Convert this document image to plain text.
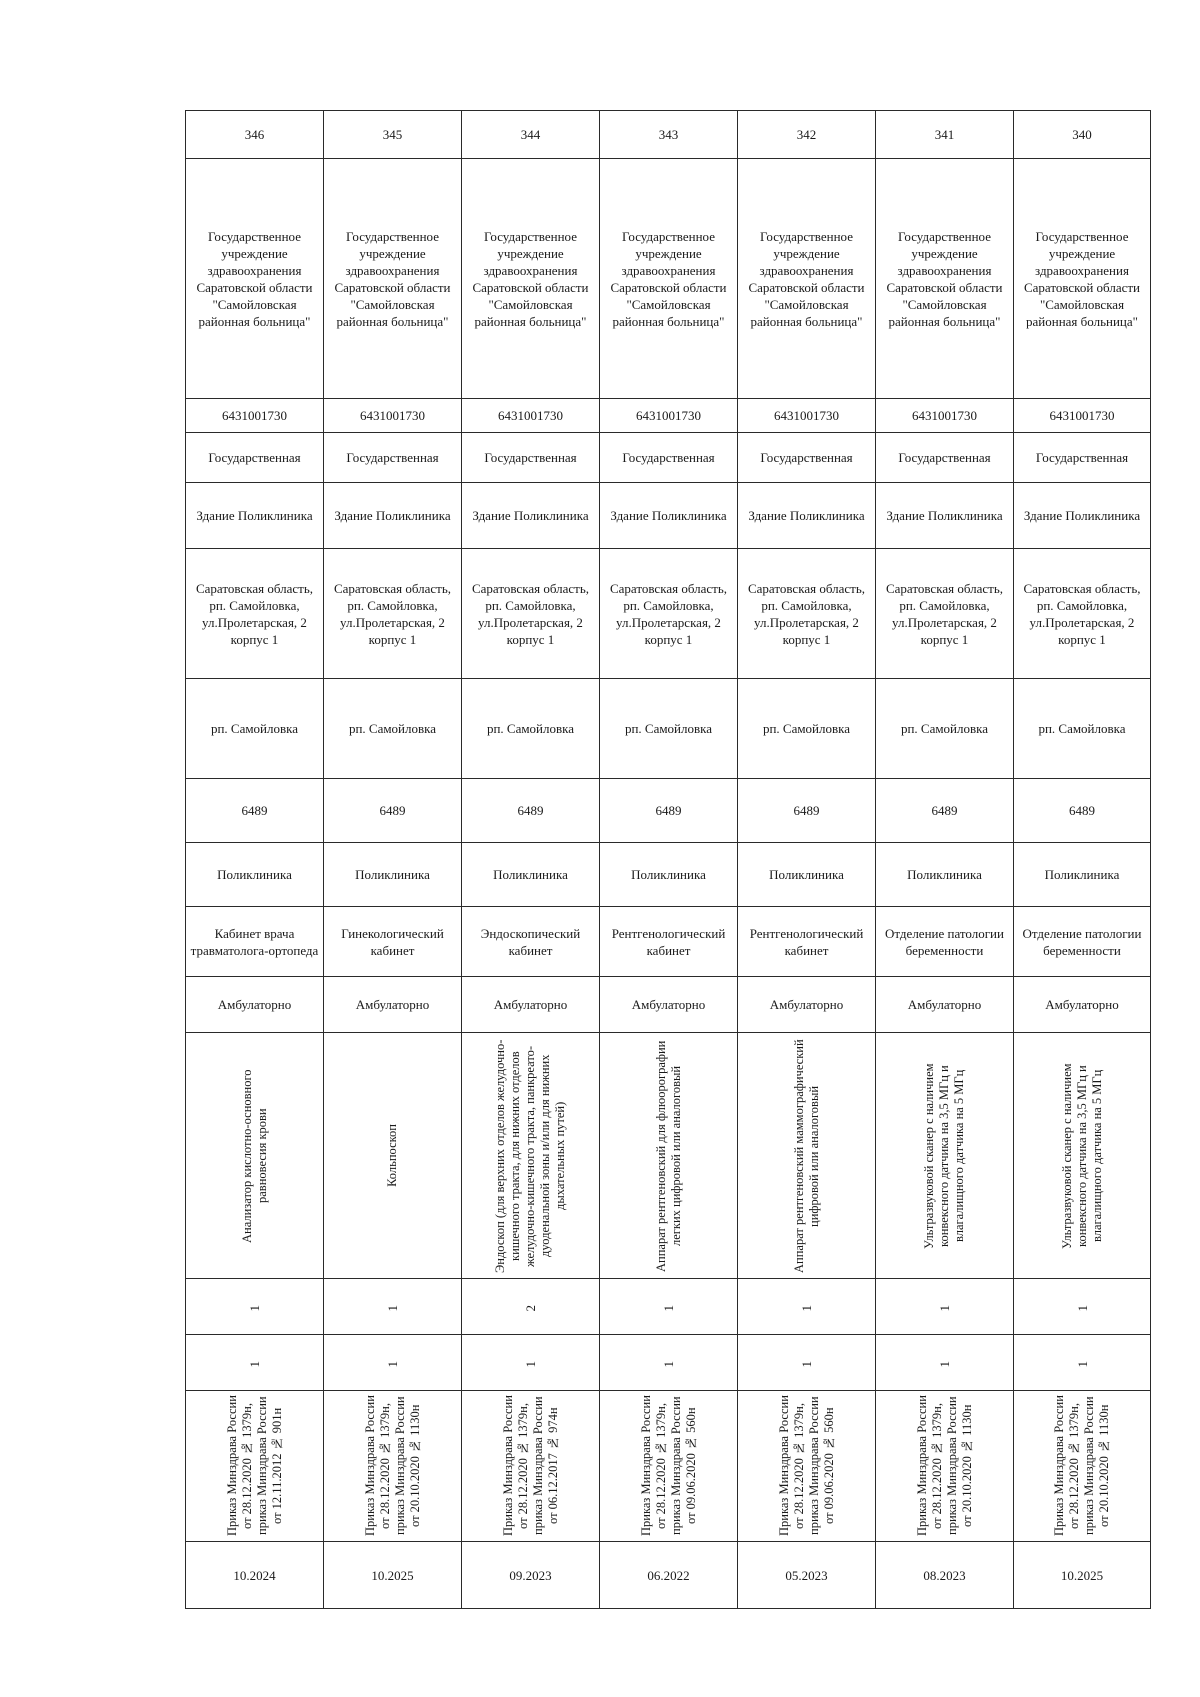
346	345	344	343	342	341	340
Государственное учреждение здравоохранения Саратовской области "Самойловская районная больница"	Государственное учреждение здравоохранения Саратовской области "Самойловская районная больница"	Государственное учреждение здравоохранения Саратовской области "Самойловская районная больница"	Государственное учреждение здравоохранения Саратовской области "Самойловская районная больница"	Государственное учреждение здравоохранения Саратовской области "Самойловская районная больница"	Государственное учреждение здравоохранения Саратовской области "Самойловская районная больница"	Государственное учреждение здравоохранения Саратовской области "Самойловская районная больница"
6431001730	6431001730	6431001730	6431001730	6431001730	6431001730	6431001730
Государственная	Государственная	Государственная	Государственная	Государственная	Государственная	Государственная
Здание Поликлиника	Здание Поликлиника	Здание Поликлиника	Здание Поликлиника	Здание Поликлиника	Здание Поликлиника	Здание Поликлиника
Саратовская область, рп. Самойловка, ул.Пролетарская, 2 корпус 1	Саратовская область, рп. Самойловка, ул.Пролетарская, 2 корпус 1	Саратовская область, рп. Самойловка, ул.Пролетарская, 2 корпус 1	Саратовская область, рп. Самойловка, ул.Пролетарская, 2 корпус 1	Саратовская область, рп. Самойловка, ул.Пролетарская, 2 корпус 1	Саратовская область, рп. Самойловка, ул.Пролетарская, 2 корпус 1	Саратовская область, рп. Самойловка, ул.Пролетарская, 2 корпус 1
рп. Самойловка	рп. Самойловка	рп. Самойловка	рп. Самойловка	рп. Самойловка	рп. Самойловка	рп. Самойловка
6489	6489	6489	6489	6489	6489	6489
Поликлиника	Поликлиника	Поликлиника	Поликлиника	Поликлиника	Поликлиника	Поликлиника
Кабинет врача травматолога-ортопеда	Гинекологический кабинет	Эндоскопический кабинет	Рентгенологический кабинет	Рентгенологический кабинет	Отделение патологии беременности	Отделение патологии беременности
Амбулаторно	Амбулаторно	Амбулаторно	Амбулаторно	Амбулаторно	Амбулаторно	Амбулаторно

Анализатор кислотно-основного равновесия крови	Кольпоскоп	Эндоскоп (для верхних отделов желудочно- кишечного тракта, для нижних отделов желудочно-кишечного тракта, панкреато-дуоденальной зоны и/или для нижних дыхательных путей)	Аппарат рентгеновский для флюорографии легких цифровой или аналоговый	Аппарат рентгеновский маммографический цифровой или аналоговый	Ультразвуковой сканер с наличием конвексного датчика на 3,5 МГц и влагалищного датчика на 5 МГц	Ультразвуковой сканер с наличием конвексного датчика на 3,5 МГц и влагалищного датчика на 5 МГц

1	1	2	1	1	1	1
1	1	1	1	1	1	1

Приказ Минздрава России от 28.12.2020 № 1379н, приказ Минздрава России от 12.11.2012 № 901н	Приказ Минздрава России от 28.12.2020 № 1379н, приказ Минздрава России от 20.10.2020 № 1130н	Приказ Минздрава России от 28.12.2020 № 1379н, приказ Минздрава России от 06.12.2017 № 974н	Приказ Минздрава России от 28.12.2020 № 1379н, приказ Минздрава России от 09.06.2020 № 560н	Приказ Минздрава России от 28.12.2020 № 1379н, приказ Минздрава России от 09.06.2020 № 560н	Приказ Минздрава России от 28.12.2020 № 1379н, приказ Минздрава России от 20.10.2020 № 1130н	Приказ Минздрава России от 28.12.2020 № 1379н, приказ Минздрава России от 20.10.2020 № 1130н

10.2024	10.2025	09.2023	06.2022	05.2023	08.2023	10.2025
